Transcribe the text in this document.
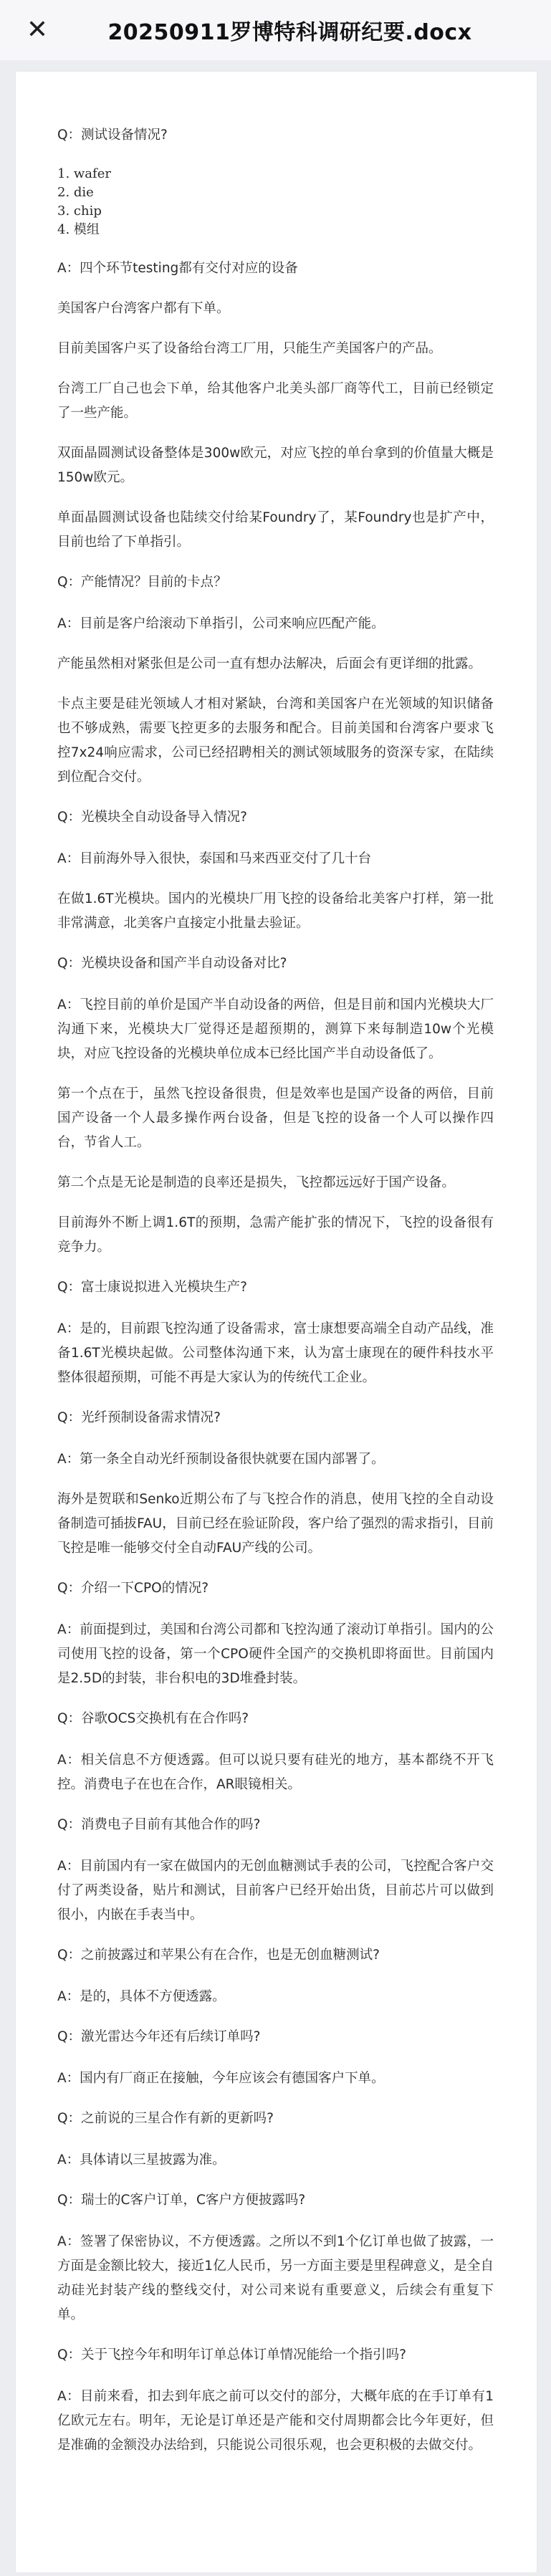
✕	20250911罗博特科调研纪要.docx

Q：测试设备情况?

1. wafer
2. die
3. chip
4. 模组

A：四个环节testing都有交付对应的设备

美国客户台湾客户都有下单。

目前美国客户买了设备给台湾工厂用，只能生产美国客户的产品。

台湾工厂自己也会下单，给其他客户北美头部厂商等代工，目前已经锁定了一些产能。

双面晶圆测试设备整体是300w欧元，对应飞控的单台拿到的价值量大概是150w欧元。

单面晶圆测试设备也陆续交付给某Foundry了，某Foundry也是扩产中，目前也给了下单指引。

Q：产能情况？目前的卡点？

A：目前是客户给滚动下单指引，公司来响应匹配产能。

产能虽然相对紧张但是公司一直有想办法解决，后面会有更详细的批露。

卡点主要是硅光领域人才相对紧缺，台湾和美国客户在光领域的知识储备也不够成熟，需要飞控更多的去服务和配合。目前美国和台湾客户要求飞控7x24响应需求，公司已经招聘相关的测试领域服务的资深专家，在陆续到位配合交付。

Q：光模块全自动设备导入情况?

A：目前海外导入很快，泰国和马来西亚交付了几十台

在做1.6T光模块。国内的光模块厂用飞控的设备给北美客户打样，第一批非常满意，北美客户直接定小批量去验证。

Q：光模块设备和国产半自动设备对比?

A：飞控目前的单价是国产半自动设备的两倍，但是目前和国内光模块大厂沟通下来，光模块大厂觉得还是超预期的，测算下来每制造10w个光模块，对应飞控设备的光模块单位成本已经比国产半自动设备低了。

第一个点在于，虽然飞控设备很贵，但是效率也是国产设备的两倍，目前国产设备一个人最多操作两台设备，但是飞控的设备一个人可以操作四台，节省人工。

第二个点是无论是制造的良率还是损失，飞控都远远好于国产设备。

目前海外不断上调1.6T的预期，急需产能扩张的情况下，飞控的设备很有竞争力。

Q：富士康说拟进入光模块生产?

A：是的，目前跟飞控沟通了设备需求，富士康想要高端全自动产品线，准备1.6T光模块起做。公司整体沟通下来，认为富士康现在的硬件科技水平整体很超预期，可能不再是大家认为的传统代工企业。

Q：光纤预制设备需求情况?

A：第一条全自动光纤预制设备很快就要在国内部署了。

海外是贺联和Senko近期公布了与飞控合作的消息，使用飞控的全自动设备制造可插拔FAU，目前已经在验证阶段，客户给了强烈的需求指引，目前飞控是唯一能够交付全自动FAU产线的公司。

Q：介绍一下CPO的情况?

A：前面提到过，美国和台湾公司都和飞控沟通了滚动订单指引。国内的公司使用飞控的设备，第一个CPO硬件全国产的交换机即将面世。目前国内是2.5D的封装，非台积电的3D堆叠封装。

Q：谷歌OCS交换机有在合作吗?

A：相关信息不方便透露。但可以说只要有硅光的地方，基本都绕不开飞控。消费电子在也在合作，AR眼镜相关。

Q：消费电子目前有其他合作的吗?

A：目前国内有一家在做国内的无创血糖测试手表的公司，飞控配合客户交付了两类设备，贴片和测试，目前客户已经开始出货，目前芯片可以做到很小，内嵌在手表当中。

Q：之前披露过和苹果公有在合作，也是无创血糖测试?

A：是的，具体不方便透露。

Q：激光雷达今年还有后续订单吗?

A：国内有厂商正在接触，今年应该会有德国客户下单。

Q：之前说的三星合作有新的更新吗?

A：具体请以三星披露为准。

Q：瑞士的C客户订单，C客户方便披露吗?

A：签署了保密协议，不方便透露。之所以不到1个亿订单也做了披露，一方面是金额比较大，接近1亿人民币，另一方面主要是里程碑意义，是全自动硅光封装产线的整线交付，对公司来说有重要意义，后续会有重复下单。

Q：关于飞控今年和明年订单总体订单情况能给一个指引吗?

A：目前来看，扣去到年底之前可以交付的部分，大概年底的在手订单有1亿欧元左右。明年，无论是订单还是产能和交付周期都会比今年更好，但是准确的金额没办法给到，只能说公司很乐观，也会更积极的去做交付。
